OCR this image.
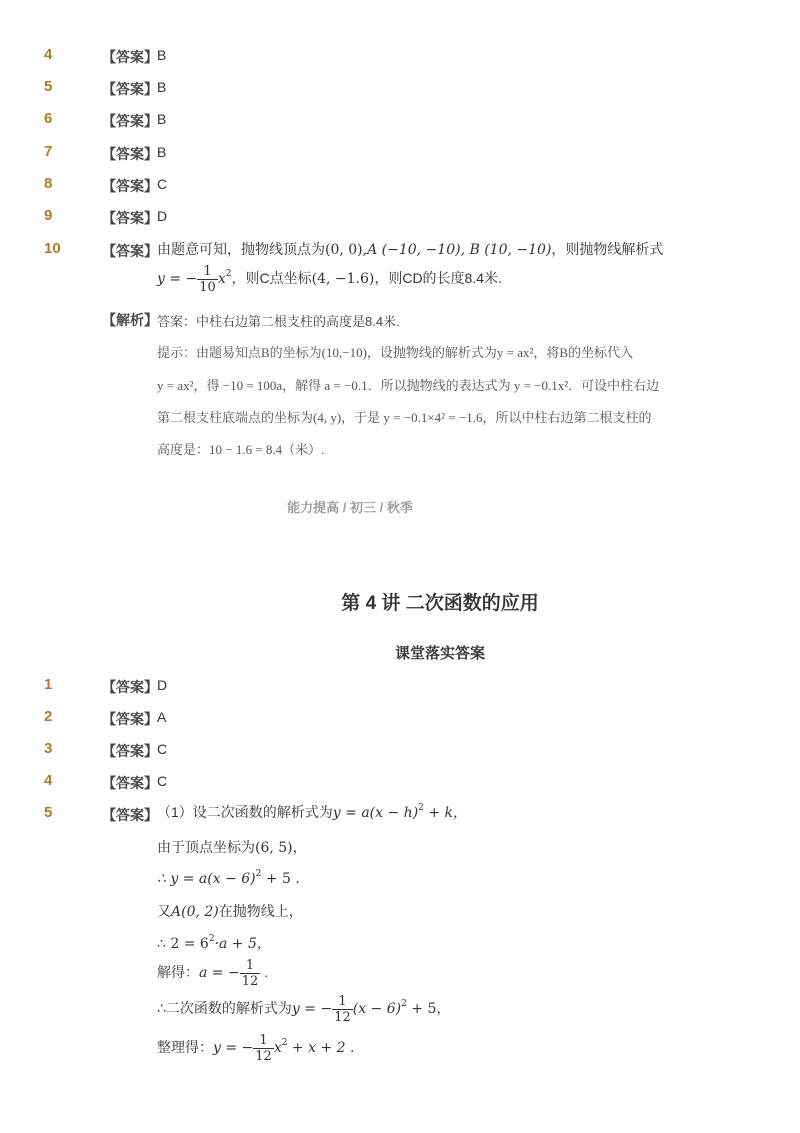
4	【答案】 B
5	【答案】 B
6	【答案】 B
7	【答案】 B
8	【答案】 C
9	【答案】 D
10	【答案】 由题意可知，抛物线顶点为(0, 0),A (−10, −10), B (10, −10)，则抛物线解析式
y = − $\frac{1}{10} x^2$，则C点坐标(4, −1.6)，则CD的长度8.4米.
【解析】 答案：中柱右边第二根支柱的高度是8.4米.
提示：由题易知点B的坐标为(10,−10)，设抛物线的解析式为y = ax²，将B的坐标代入
y = ax²，得 −10 = 100a，解得 a = −0.1．所以抛物线的表达式为 y = −0.1x²．可设中柱右边
第二根支柱底端点的坐标为(4, y)，于是 y = −0.1×4² = −1.6，所以中柱右边第二根支柱的
高度是：10 − 1.6 = 8.4（米）.
能力提高 / 初三 / 秋季
第 4 讲 二次函数的应用
课堂落实答案
1	【答案】 D
2	【答案】 A
3	【答案】 C
4	【答案】 C
5	【答案】 （1）设二次函数的解析式为$y = a(x - h)^2 + k$，
由于顶点坐标为(6, 5)，
∴ $y = a(x - 6)^2 + 5$ .
又A(0, 2)在抛物线上，
∴ $2 = 6^2\cdot a + 5$，
解得：a = − $\frac{1}{12}$ .
∴二次函数的解析式为y = − $\frac{1}{12} (x - 6)^2 + 5$，
整理得：y = − $\frac{1}{12} x^2 + x + 2$ .
